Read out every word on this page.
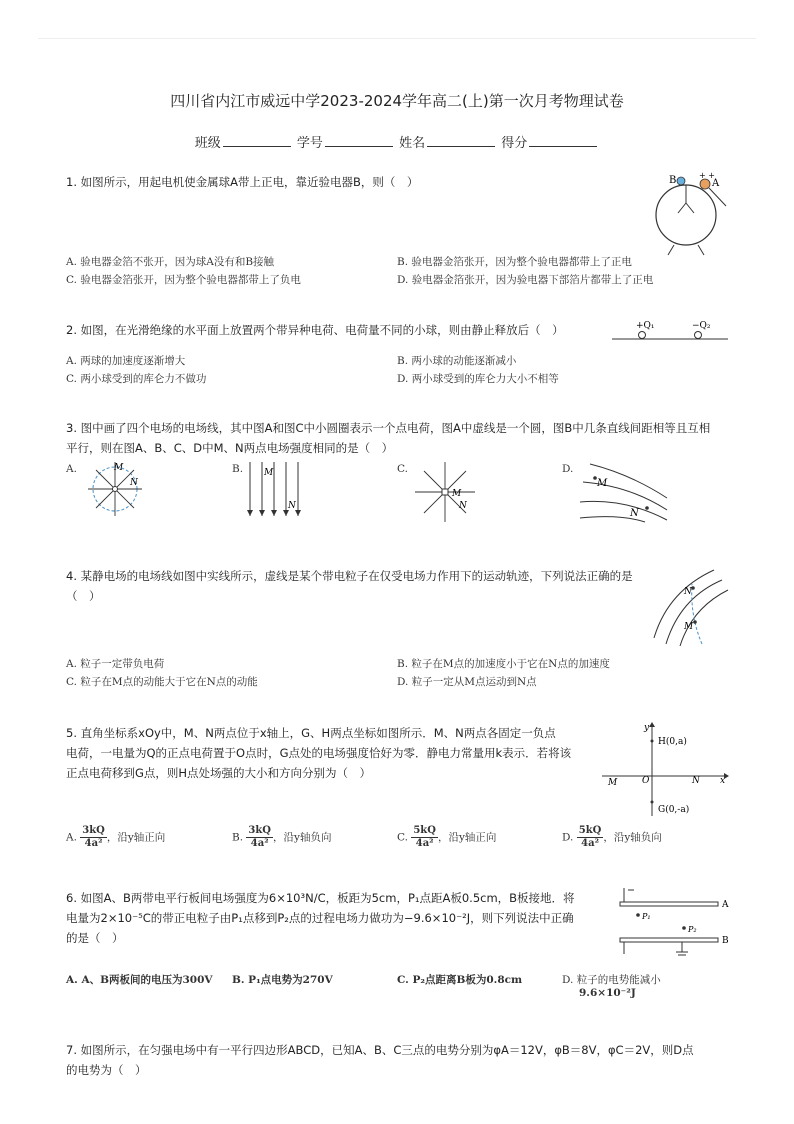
四川省内江市威远中学2023-2024学年高二(上)第一次月考物理试卷
班级	学号	姓名	得分
1. 如图所示，用起电机使金属球A带上正电，靠近验电器B，则（　）	B	A
+ +
A. 验电器金箔不张开，因为球A没有和B接触	B. 验电器金箔张开，因为整个验电器都带上了正电
C. 验电器金箔张开，因为整个验电器都带上了负电	D. 验电器金箔张开，因为验电器下部箔片都带上了正电
2. 如图，在光滑绝缘的水平面上放置两个带异种电荷、电荷量不同的小球，则由静止释放后（　）	+Q₁	−Q₂
A. 两球的加速度逐渐增大	B. 两小球的动能逐渐减小
C. 两小球受到的库仑力不做功	D. 两小球受到的库仑力大小不相等
3. 图中画了四个电场的电场线，其中图A和图C中小圆圈表示一个点电荷，图A中虚线是一个圆，图B中几条直线间距相等且互相
平行，则在图A、B、C、D中M、N两点电场强度相同的是（　）
A.	M
N
B. M
N
C.
M
N
D.
M
N
4. 某静电场的电场线如图中实线所示，虚线是某个带电粒子在仅受电场力作用下的运动轨迹，下列说法正确的是
（　）	N
M
A. 粒子一定带负电荷	B. 粒子在M点的加速度小于它在N点的加速度
C. 粒子在M点的动能大于它在N点的动能	D. 粒子一定从M点运动到N点
5. 直角坐标系xOy中，M、N两点位于x轴上，G、H两点坐标如图所示．M、N两点各固定一负点
电荷，一电量为Q的正点电荷置于O点时，G点处的电场强度恰好为零．静电力常量用k表示．若将该
正点电荷移到G点，则H点处场强的大小和方向分别为（　）
y
H(0,a)
M	O	N x
G(0,-a)
A. $\frac{3kQ}{\text{4a²}}$ ，沿y轴正向	B. $\frac{3kQ}{\text{4a²}}$ ，沿y轴负向	C. $\frac{5kQ}{\text{4a²}}$ ，沿y轴正向	D. $\frac{5kQ}{\text{4a²}}$ ，沿y轴负向
6. 如图A、B两带电平行板间电场强度为6×10³N/C，板距为5cm，P₁点距A板0.5cm，B板接地．将
电量为2×10⁻⁵C的带正电粒子由P₁点移到P₂点的过程电场力做功为−9.6×10⁻²J，则下列说法中正确
的是（　）
A
P₁
P₂
B
A. A、B两板间的电压为300V B. P₁点电势为270V	C. P₂点距离B板为0.8cm	D. 粒子的电势能减小
9.6×10⁻²J
7. 如图所示，在匀强电场中有一平行四边形ABCD，已知A、B、C三点的电势分别为φA＝12V，φB＝8V，φC＝2V，则D点
的电势为（　）
